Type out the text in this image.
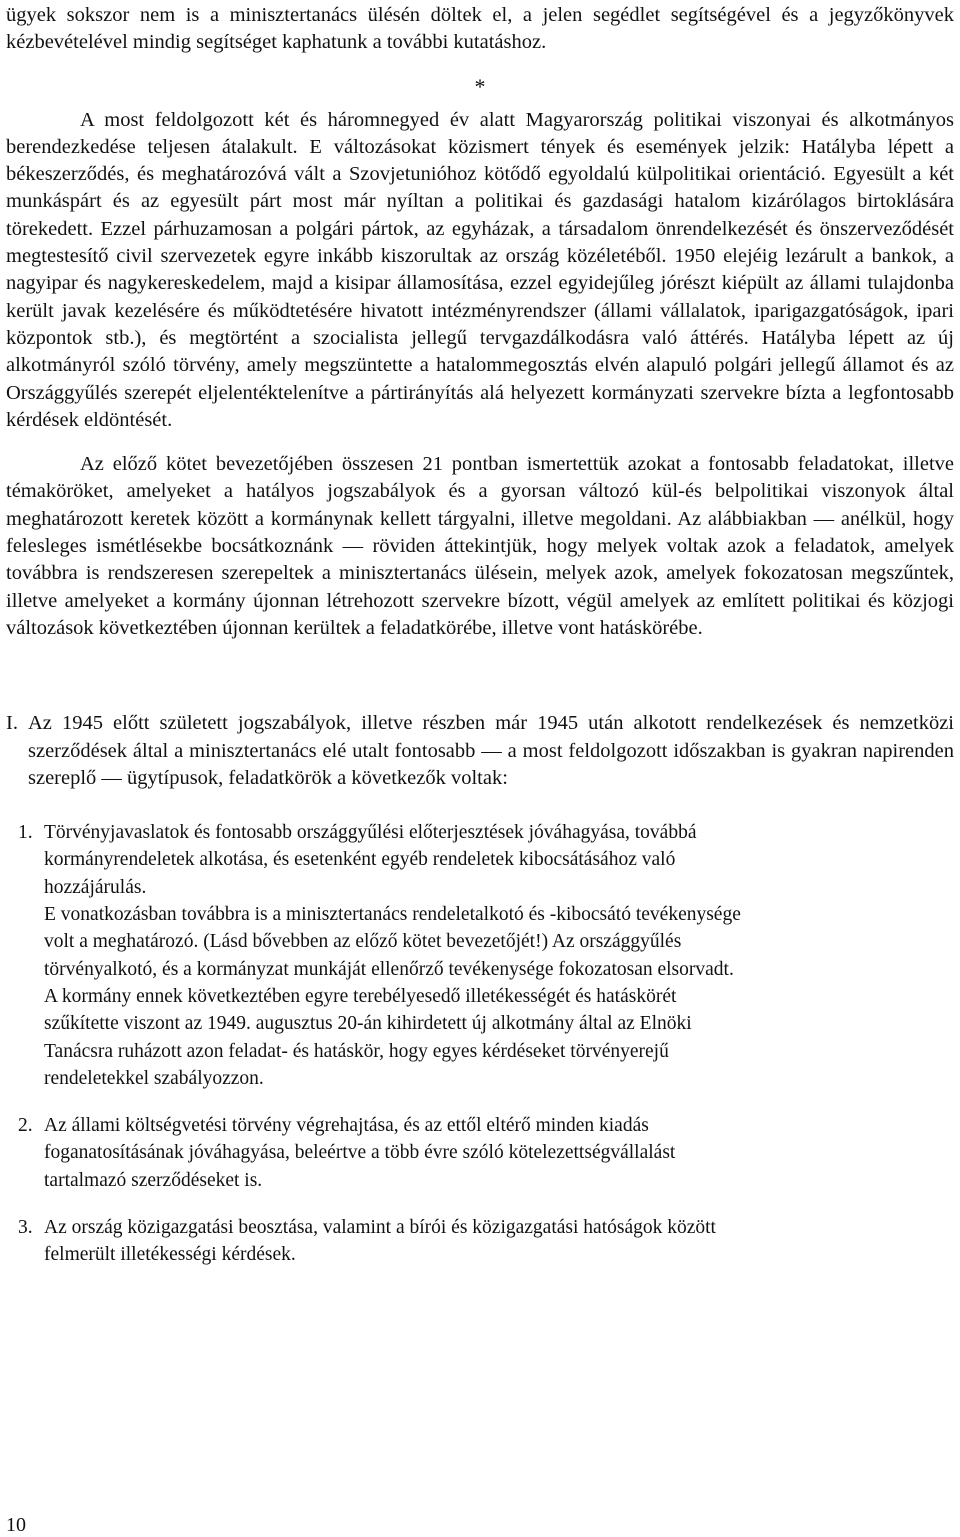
ügyek sokszor nem is a minisztertanács ülésén döltek el, a jelen segédlet segítségével és a jegyzőkönyvek kézbevételével mindig segítséget kaphatunk a további kutatáshoz.

*

A most feldolgozott két és háromnegyed év alatt Magyarország politikai viszonyai és alkotmányos berendezkedése teljesen átalakult. E változásokat közismert tények és események jelzik: Hatályba lépett a békeszerződés, és meghatározóvá vált a Szovjetunióhoz kötődő egyoldalú külpolitikai orientáció. Egyesült a két munkáspárt és az egyesült párt most már nyíltan a politikai és gazdasági hatalom kizárólagos birtoklására törekedett. Ezzel párhuzamosan a polgári pártok, az egyházak, a társadalom önrendelkezését és önszerveződését megtestesítő civil szervezetek egyre inkább kiszorultak az ország közéletéből. 1950 elejéig lezárult a bankok, a nagyipar és nagykereskedelem, majd a kisipar államosítása, ezzel egyidejűleg jórészt kiépült az állami tulajdonba került javak kezelésére és működtetésére hivatott intézményrendszer (állami vállalatok, iparigazgatóságok, ipari központok stb.), és megtörtént a szocialista jellegű tervgazdálkodásra való áttérés. Hatályba lépett az új alkotmányról szóló törvény, amely megszüntette a hatalommegosztás elvén alapuló polgári jellegű államot és az Országgyűlés szerepét eljelentéktelenítve a pártirányítás alá helyezett kormányzati szervekre bízta a legfontosabb kérdések eldöntését.

Az előző kötet bevezetőjében összesen 21 pontban ismertettük azokat a fontosabb feladatokat, illetve témaköröket, amelyeket a hatályos jogszabályok és a gyorsan változó kül-és belpolitikai viszonyok által meghatározott keretek között a kormánynak kellett tárgyalni, illetve megoldani. Az alábbiakban — anélkül, hogy felesleges ismétlésekbe bocsátkoznánk — röviden áttekintjük, hogy melyek voltak azok a feladatok, amelyek továbbra is rendszeresen szerepeltek a minisztertanács ülésein, melyek azok, amelyek fokozatosan megszűntek, illetve amelyeket a kormány újonnan létrehozott szervekre bízott, végül amelyek az említett politikai és közjogi változások következtében újonnan kerültek a feladatkörébe, illetve vont hatáskörébe.

I. Az 1945 előtt született jogszabályok, illetve részben már 1945 után alkotott rendelkezések és nemzetközi szerződések által a minisztertanács elé utalt fontosabb — a most feldolgozott időszakban is gyakran napirenden szereplő — ügytípusok, feladatkörök a következők voltak:

1. Törvényjavaslatok és fontosabb országgyűlési előterjesztések jóváhagyása, továbbá

kormányrendeletek alkotása, és esetenként egyéb rendeletek kibocsátásához való

hozzájárulás.

E vonatkozásban továbbra is a minisztertanács rendeletalkotó és -kibocsátó tevékenysége

volt a meghatározó. (Lásd bővebben az előző kötet bevezetőjét!) Az országgyűlés

törvényalkotó, és a kormányzat munkáját ellenőrző tevékenysége fokozatosan elsorvadt.

A kormány ennek következtében egyre terebélyesedő illetékességét és hatáskörét

szűkítette viszont az 1949. augusztus 20-án kihirdetett új alkotmány által az Elnöki

Tanácsra ruházott azon feladat- és hatáskör, hogy egyes kérdéseket törvényerejű

rendeletekkel szabályozzon.

2. Az állami költségvetési törvény végrehajtása, és az ettől eltérő minden kiadás

foganatosításának jóváhagyása, beleértve a több évre szóló kötelezettségvállalást

tartalmazó szerződéseket is.

3. Az ország közigazgatási beosztása, valamint a bírói és közigazgatási hatóságok között

felmerült illetékességi kérdések.

10
